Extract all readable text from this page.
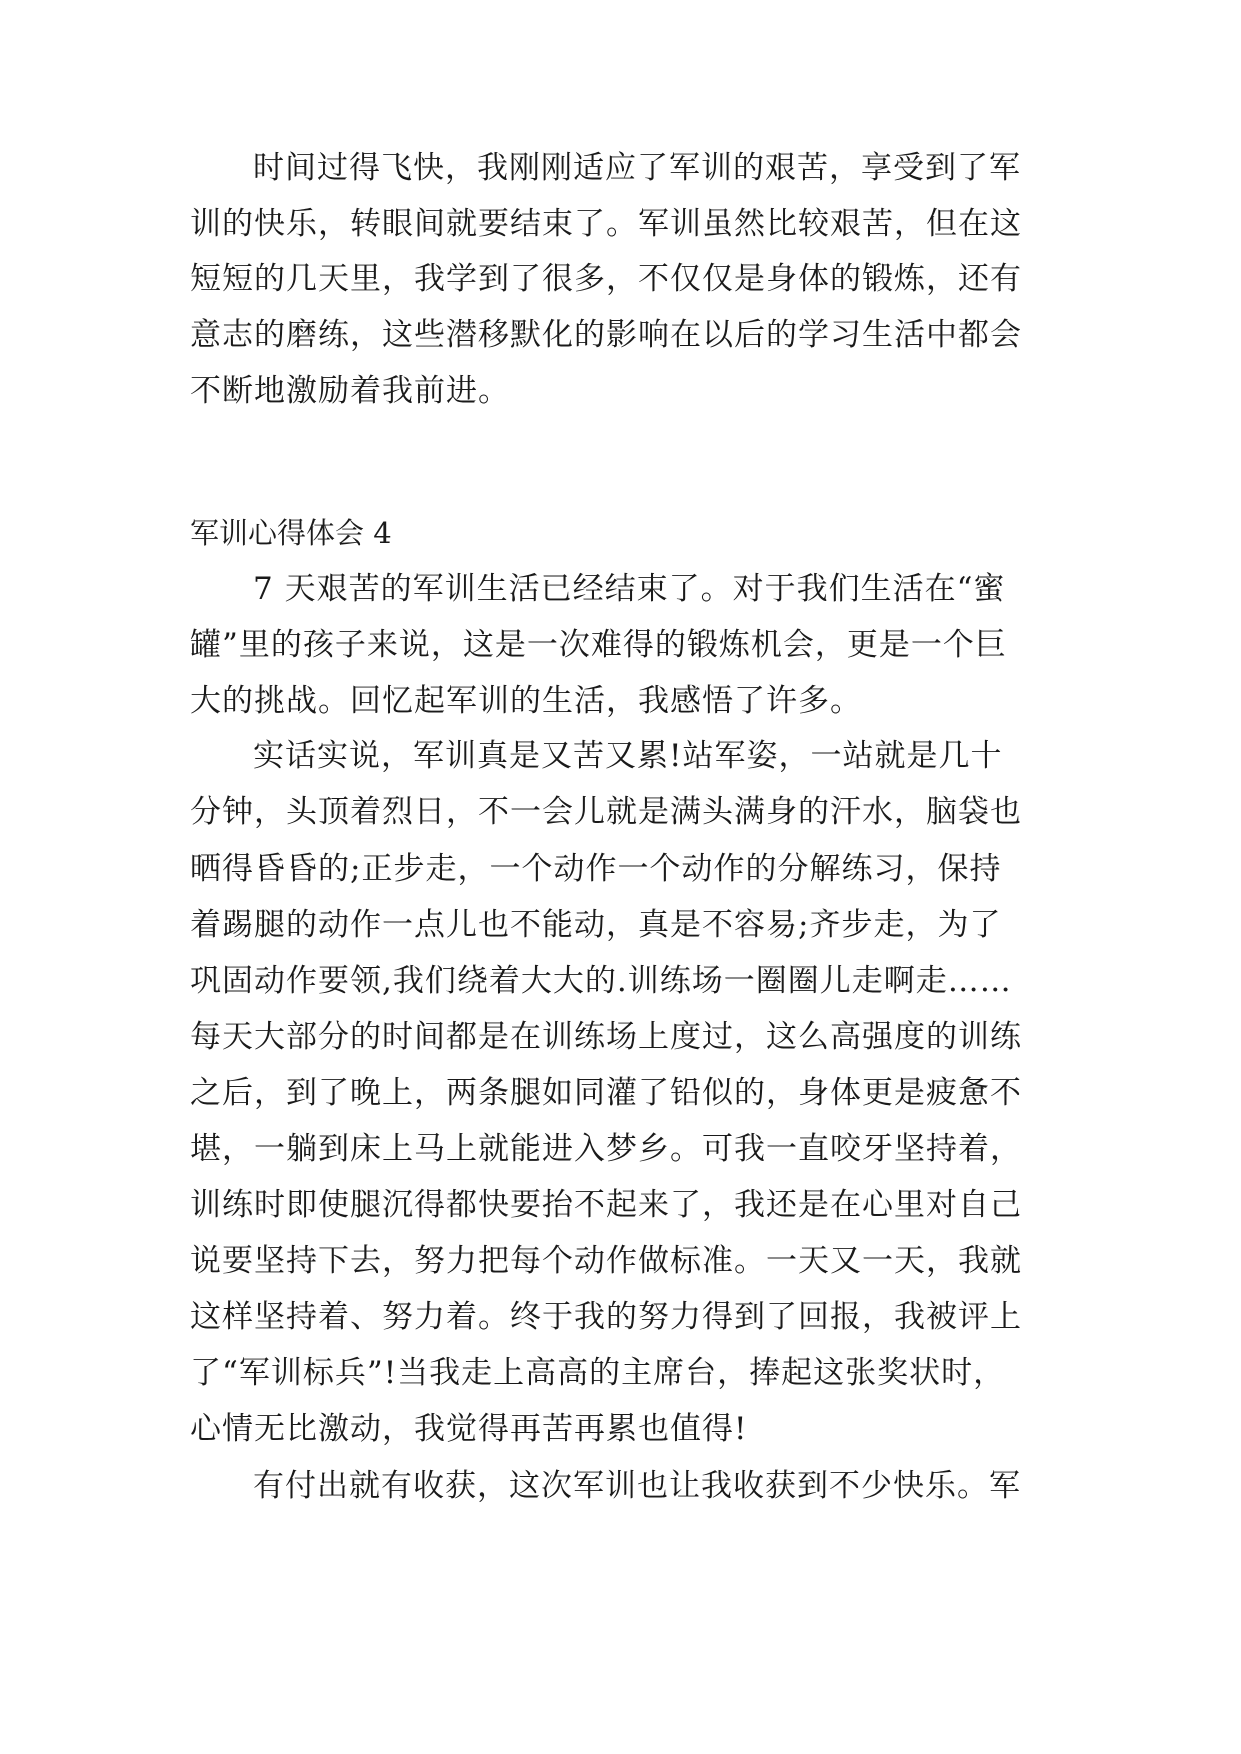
时间过得飞快，我刚刚适应了军训的艰苦，享受到了军
训的快乐，转眼间就要结束了。军训虽然比较艰苦，但在这
短短的几天里，我学到了很多，不仅仅是身体的锻炼，还有
意志的磨练，这些潜移默化的影响在以后的学习生活中都会
不断地激励着我前进。
军训心得体会 4
7 天艰苦的军训生活已经结束了。对于我们生活在“蜜
罐”里的孩子来说，这是一次难得的锻炼机会，更是一个巨
大的挑战。回忆起军训的生活，我感悟了许多。
实话实说，军训真是又苦又累!站军姿，一站就是几十
分钟，头顶着烈日，不一会儿就是满头满身的汗水，脑袋也
晒得昏昏的;正步走，一个动作一个动作的分解练习，保持
着踢腿的动作一点儿也不能动，真是不容易;齐步走，为了
巩固动作要领,我们绕着大大的.训练场一圈圈儿走啊走……
每天大部分的时间都是在训练场上度过，这么高强度的训练
之后，到了晚上，两条腿如同灌了铅似的，身体更是疲惫不
堪，一躺到床上马上就能进入梦乡。可我一直咬牙坚持着，
训练时即使腿沉得都快要抬不起来了，我还是在心里对自己
说要坚持下去，努力把每个动作做标准。一天又一天，我就
这样坚持着、努力着。终于我的努力得到了回报，我被评上
了“军训标兵”!当我走上高高的主席台，捧起这张奖状时，
心情无比激动，我觉得再苦再累也值得!
有付出就有收获，这次军训也让我收获到不少快乐。军
